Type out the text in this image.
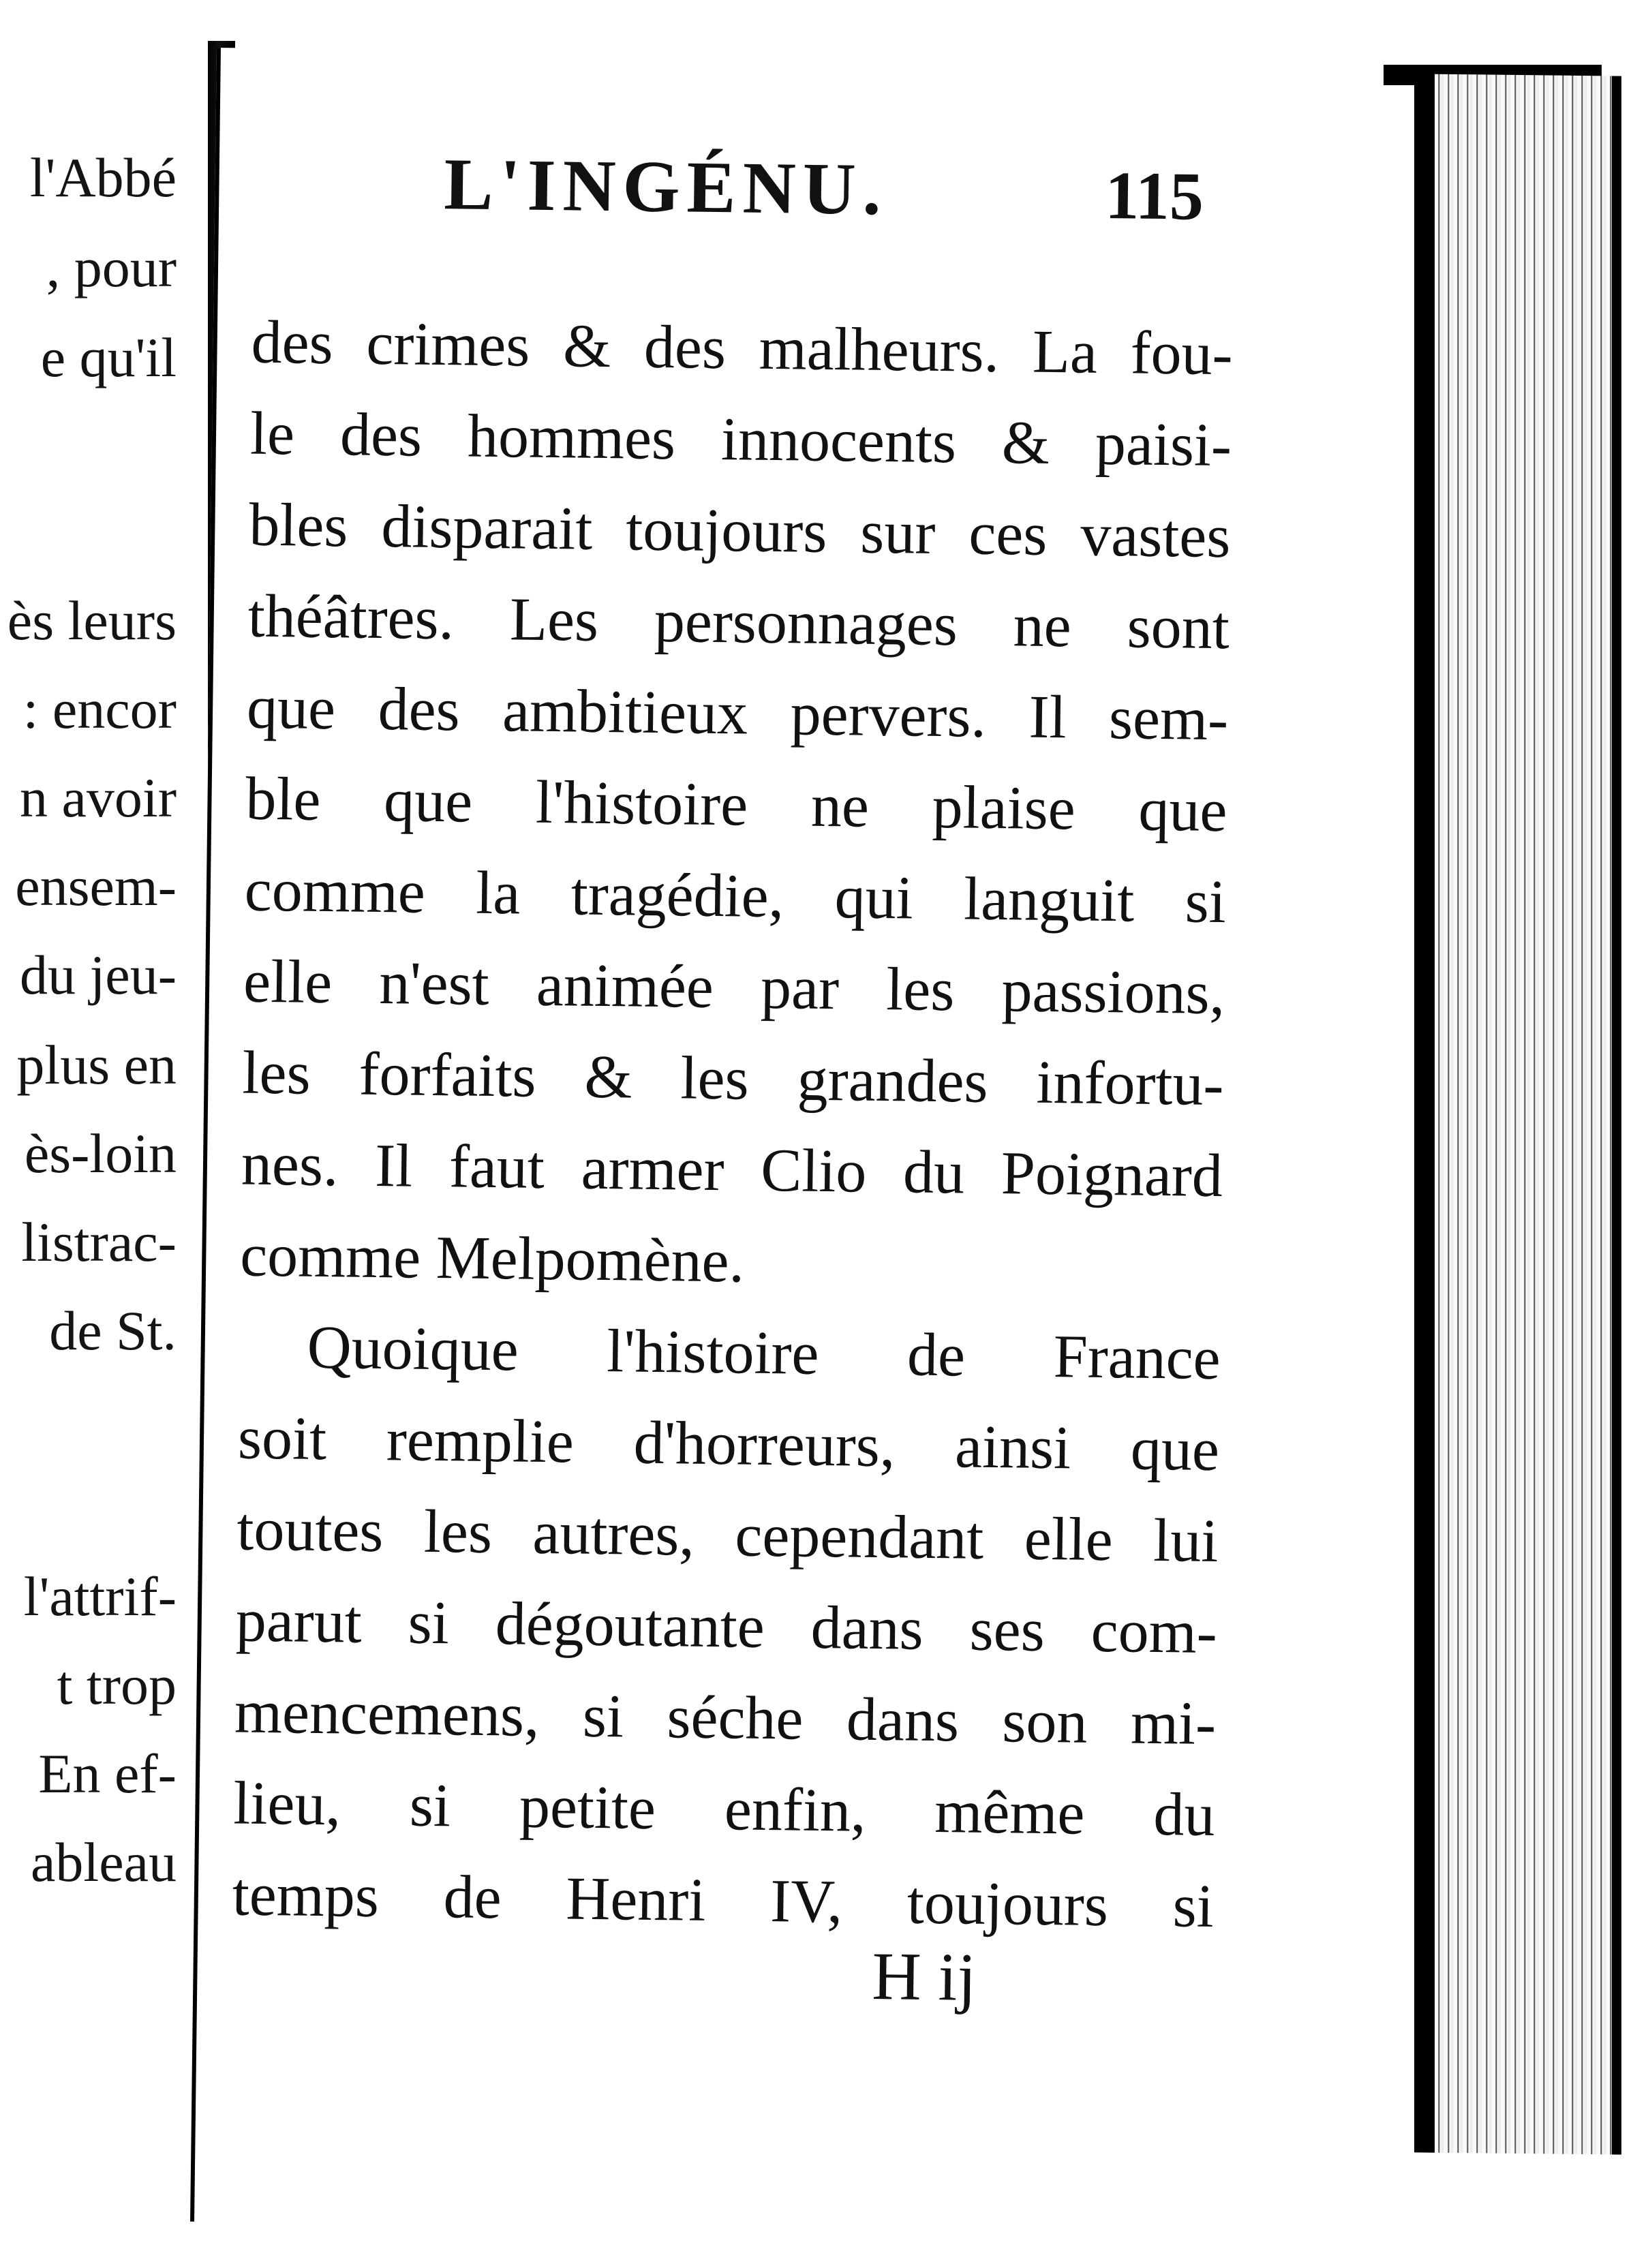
l'Abbé
, pour
e qu'il
ès leurs
: encor
n avoir
ensem-
du jeu-
plus en
ès-loin
listrac-
de St.
l'attrif-
t trop
En ef-
ableau
L'INGÉNU.	115
des crimes & des malheurs. La fou-
le des hommes innocents & paisi-
bles disparait toujours sur ces vastes
théâtres. Les personnages ne sont
que des ambitieux pervers. Il sem-
ble que l'histoire ne plaise que
comme la tragédie, qui languit si
elle n'est animée par les passions,
les forfaits & les grandes infortu-
nes. Il faut armer Clio du Poignard
comme Melpomène.
Quoique l'histoire de France
soit remplie d'horreurs, ainsi que
toutes les autres, cependant elle lui
parut si dégoutante dans ses com-
mencemens, si séche dans son mi-
lieu, si petite enfin, même du
temps de Henri IV, toujours si
H ij
